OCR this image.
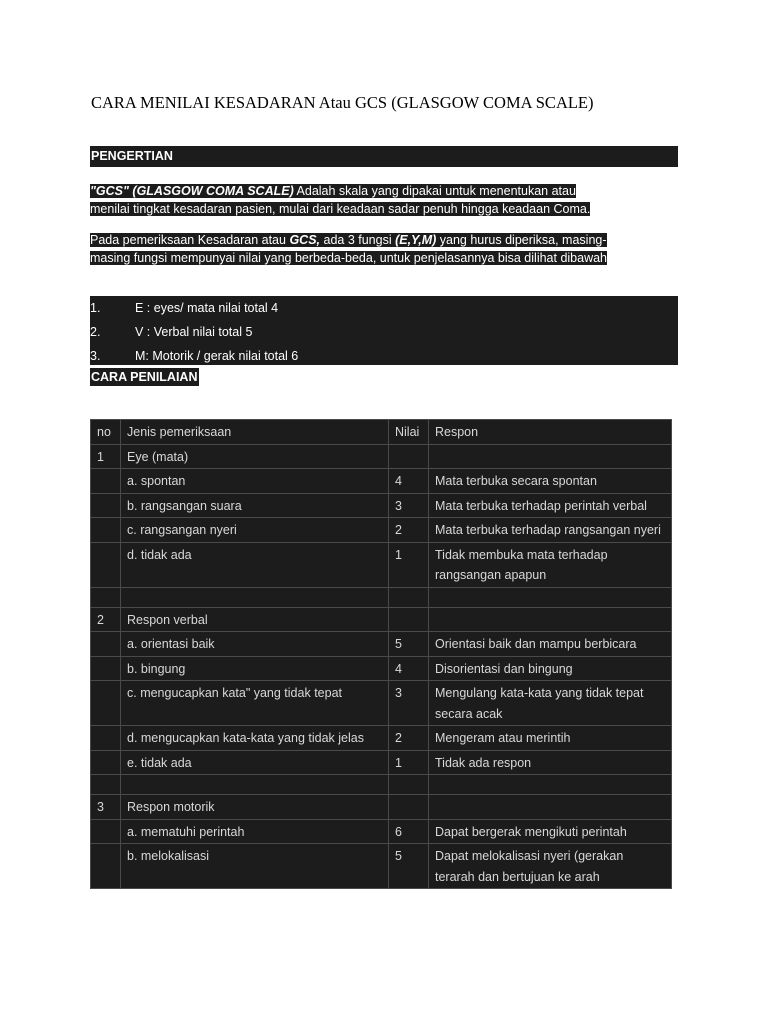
CARA MENILAI KESADARAN Atau GCS (GLASGOW COMA SCALE)
PENGERTIAN
"GCS" (GLASGOW COMA SCALE) Adalah skala yang dipakai untuk menentukan atau
menilai tingkat kesadaran pasien, mulai dari keadaan sadar penuh hingga keadaan Coma.
Pada pemeriksaan Kesadaran atau GCS, ada 3 fungsi (E,Y,M) yang hurus diperiksa, masing-
masing fungsi mempunyai nilai yang berbeda-beda, untuk penjelasannya bisa dilihat dibawah
1.	E : eyes/ mata nilai total 4
2.	V : Verbal nilai total 5
3.	M: Motorik / gerak nilai total 6
CARA PENILAIAN
no	Jenis pemeriksaan	Nilai	Respon
1	Eye (mata)		
	a. spontan	4	Mata terbuka secara spontan
	b. rangsangan suara	3	Mata terbuka terhadap perintah verbal
	c. rangsangan nyeri	2	Mata terbuka terhadap rangsangan nyeri
	d. tidak ada	1	Tidak membuka mata terhadap rangsangan apapun

2	Respon verbal		
	a. orientasi baik	5	Orientasi baik dan mampu berbicara
	b. bingung	4	Disorientasi dan bingung
	c. mengucapkan kata" yang tidak tepat	3	Mengulang kata-kata yang tidak tepat secara acak
	d. mengucapkan kata-kata yang tidak jelas	2	Mengeram atau merintih
	e. tidak ada	1	Tidak ada respon

3	Respon motorik		
	a. mematuhi perintah	6	Dapat bergerak mengikuti perintah
	b. melokalisasi	5	Dapat melokalisasi nyeri (gerakan terarah dan bertujuan ke arah
